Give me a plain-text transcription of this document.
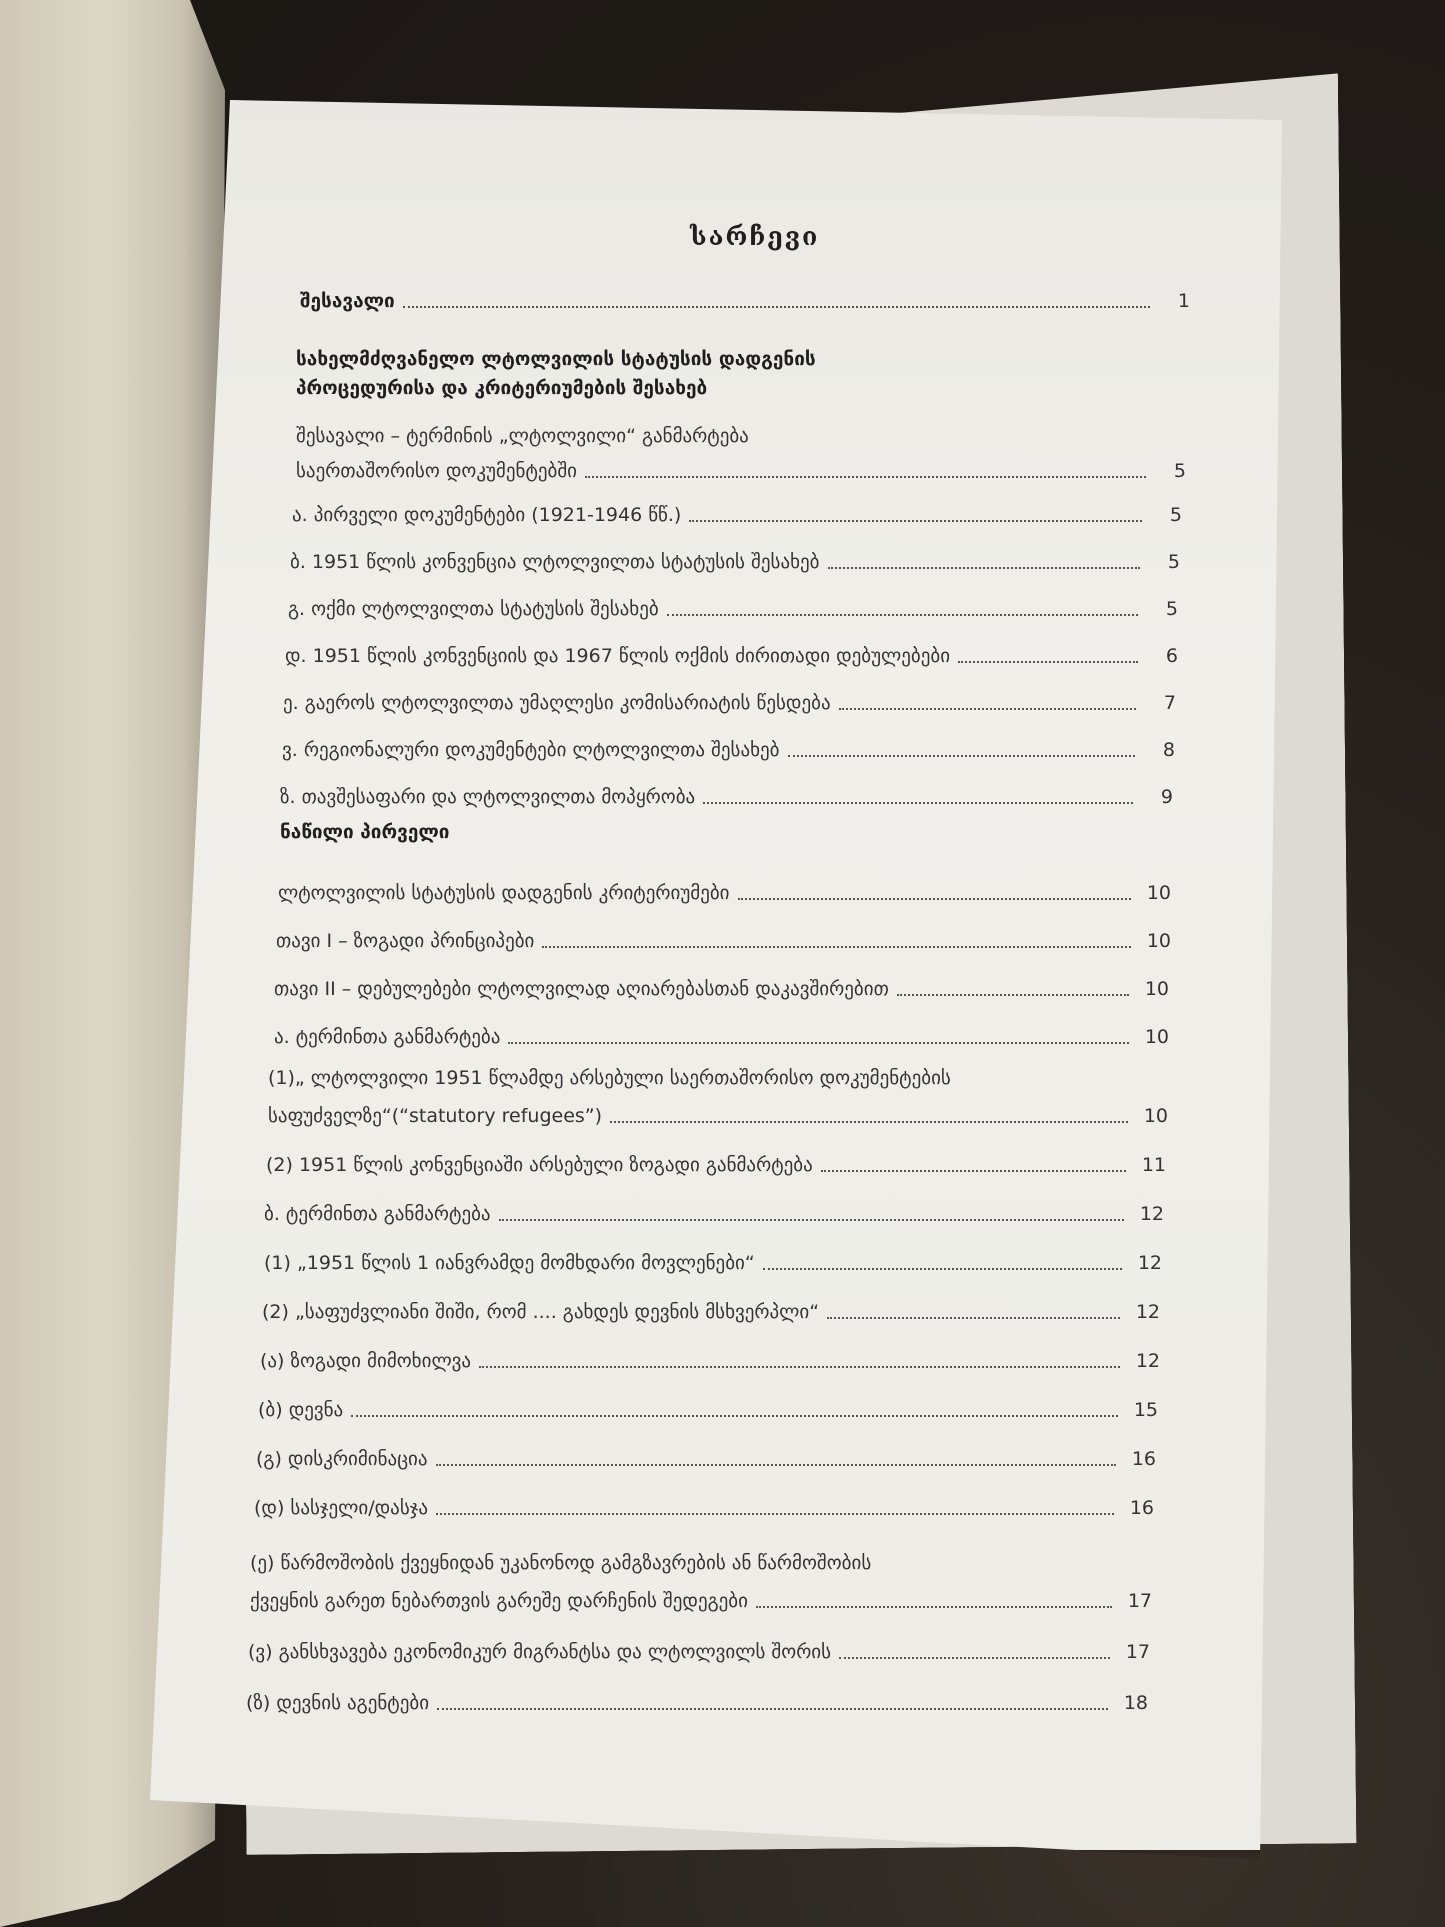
სარჩევი
შესავალი	1
სახელმძღვანელო ლტოლვილის სტატუსის დადგენის
პროცედურისა და კრიტერიუმების შესახებ
შესავალი – ტერმინის „ლტოლვილი“ განმარტება
საერთაშორისო დოკუმენტებში	5
ა. პირველი დოკუმენტები (1921-1946 წწ.)	5
ბ. 1951 წლის კონვენცია ლტოლვილთა სტატუსის შესახებ	5
გ. ოქმი ლტოლვილთა სტატუსის შესახებ	5
დ. 1951 წლის კონვენციის და 1967 წლის ოქმის ძირითადი დებულებები	6
ე. გაეროს ლტოლვილთა უმაღლესი კომისარიატის წესდება	7
ვ. რეგიონალური დოკუმენტები ლტოლვილთა შესახებ	8
ზ. თავშესაფარი და ლტოლვილთა მოპყრობა	9
ნაწილი პირველი
ლტოლვილის სტატუსის დადგენის კრიტერიუმები	10
თავი I – ზოგადი პრინციპები	10
თავი II – დებულებები ლტოლვილად აღიარებასთან დაკავშირებით	10
ა. ტერმინთა განმარტება	10
(1)„ ლტოლვილი 1951 წლამდე არსებული საერთაშორისო დოკუმენტების
საფუძველზე“(“statutory refugees”)	10
(2) 1951 წლის კონვენციაში არსებული ზოგადი განმარტება	11
ბ. ტერმინთა განმარტება	12
(1) „1951 წლის 1 იანვრამდე მომხდარი მოვლენები“	12
(2) „საფუძვლიანი შიში, რომ .... გახდეს დევნის მსხვერპლი“	12
(ა) ზოგადი მიმოხილვა	12
(ბ) დევნა	15
(გ) დისკრიმინაცია	16
(დ) სასჯელი/დასჯა	16
(ე) წარმოშობის ქვეყნიდან უკანონოდ გამგზავრების ან წარმოშობის
ქვეყნის გარეთ ნებართვის გარეშე დარჩენის შედეგები	17
(ვ) განსხვავება ეკონომიკურ მიგრანტსა და ლტოლვილს შორის	17
(ზ) დევნის აგენტები	18
